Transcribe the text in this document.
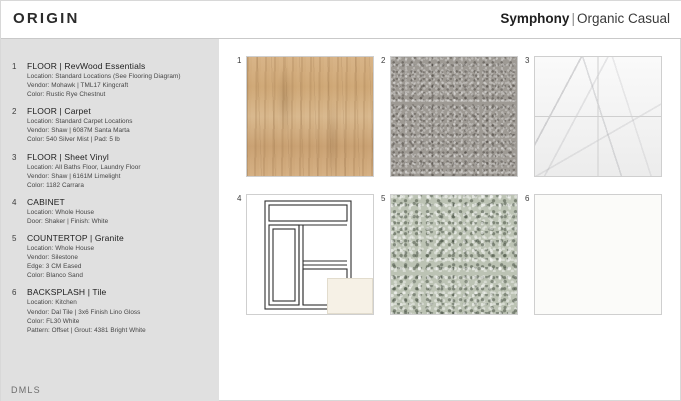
ORIGIN	Symphony | Organic Casual
1 FLOOR | RevWood Essentials
Location: Standard Locations (See Flooring Diagram)
Vendor: Mohawk | TML17 Kingcraft
Color: Rustic Rye Chestnut
2 FLOOR | Carpet
Location: Standard Carpet Locations
Vendor: Shaw | 6087M Santa Marta
Color: 540 Silver Mist | Pad: 5 lb
3 FLOOR | Sheet Vinyl
Location: All Baths Floor, Laundry Floor
Vendor: Shaw | 6161M Limelight
Color: 1182 Carrara
4 CABINET
Location: Whole House
Door: Shaker | Finish: White
5 COUNTERTOP | Granite
Location: Whole House
Vendor: Silestone
Edge: 3 CM Eased
Color: Blanco Sand
6 BACKSPLASH | Tile
Location: Kitchen
Vendor: Dal Tile | 3x6 Finish Lino Gloss
Color: FL30 White
Pattern: Offset | Grout: 4381 Bright White
DMLS
1	2	3
4	5	6
